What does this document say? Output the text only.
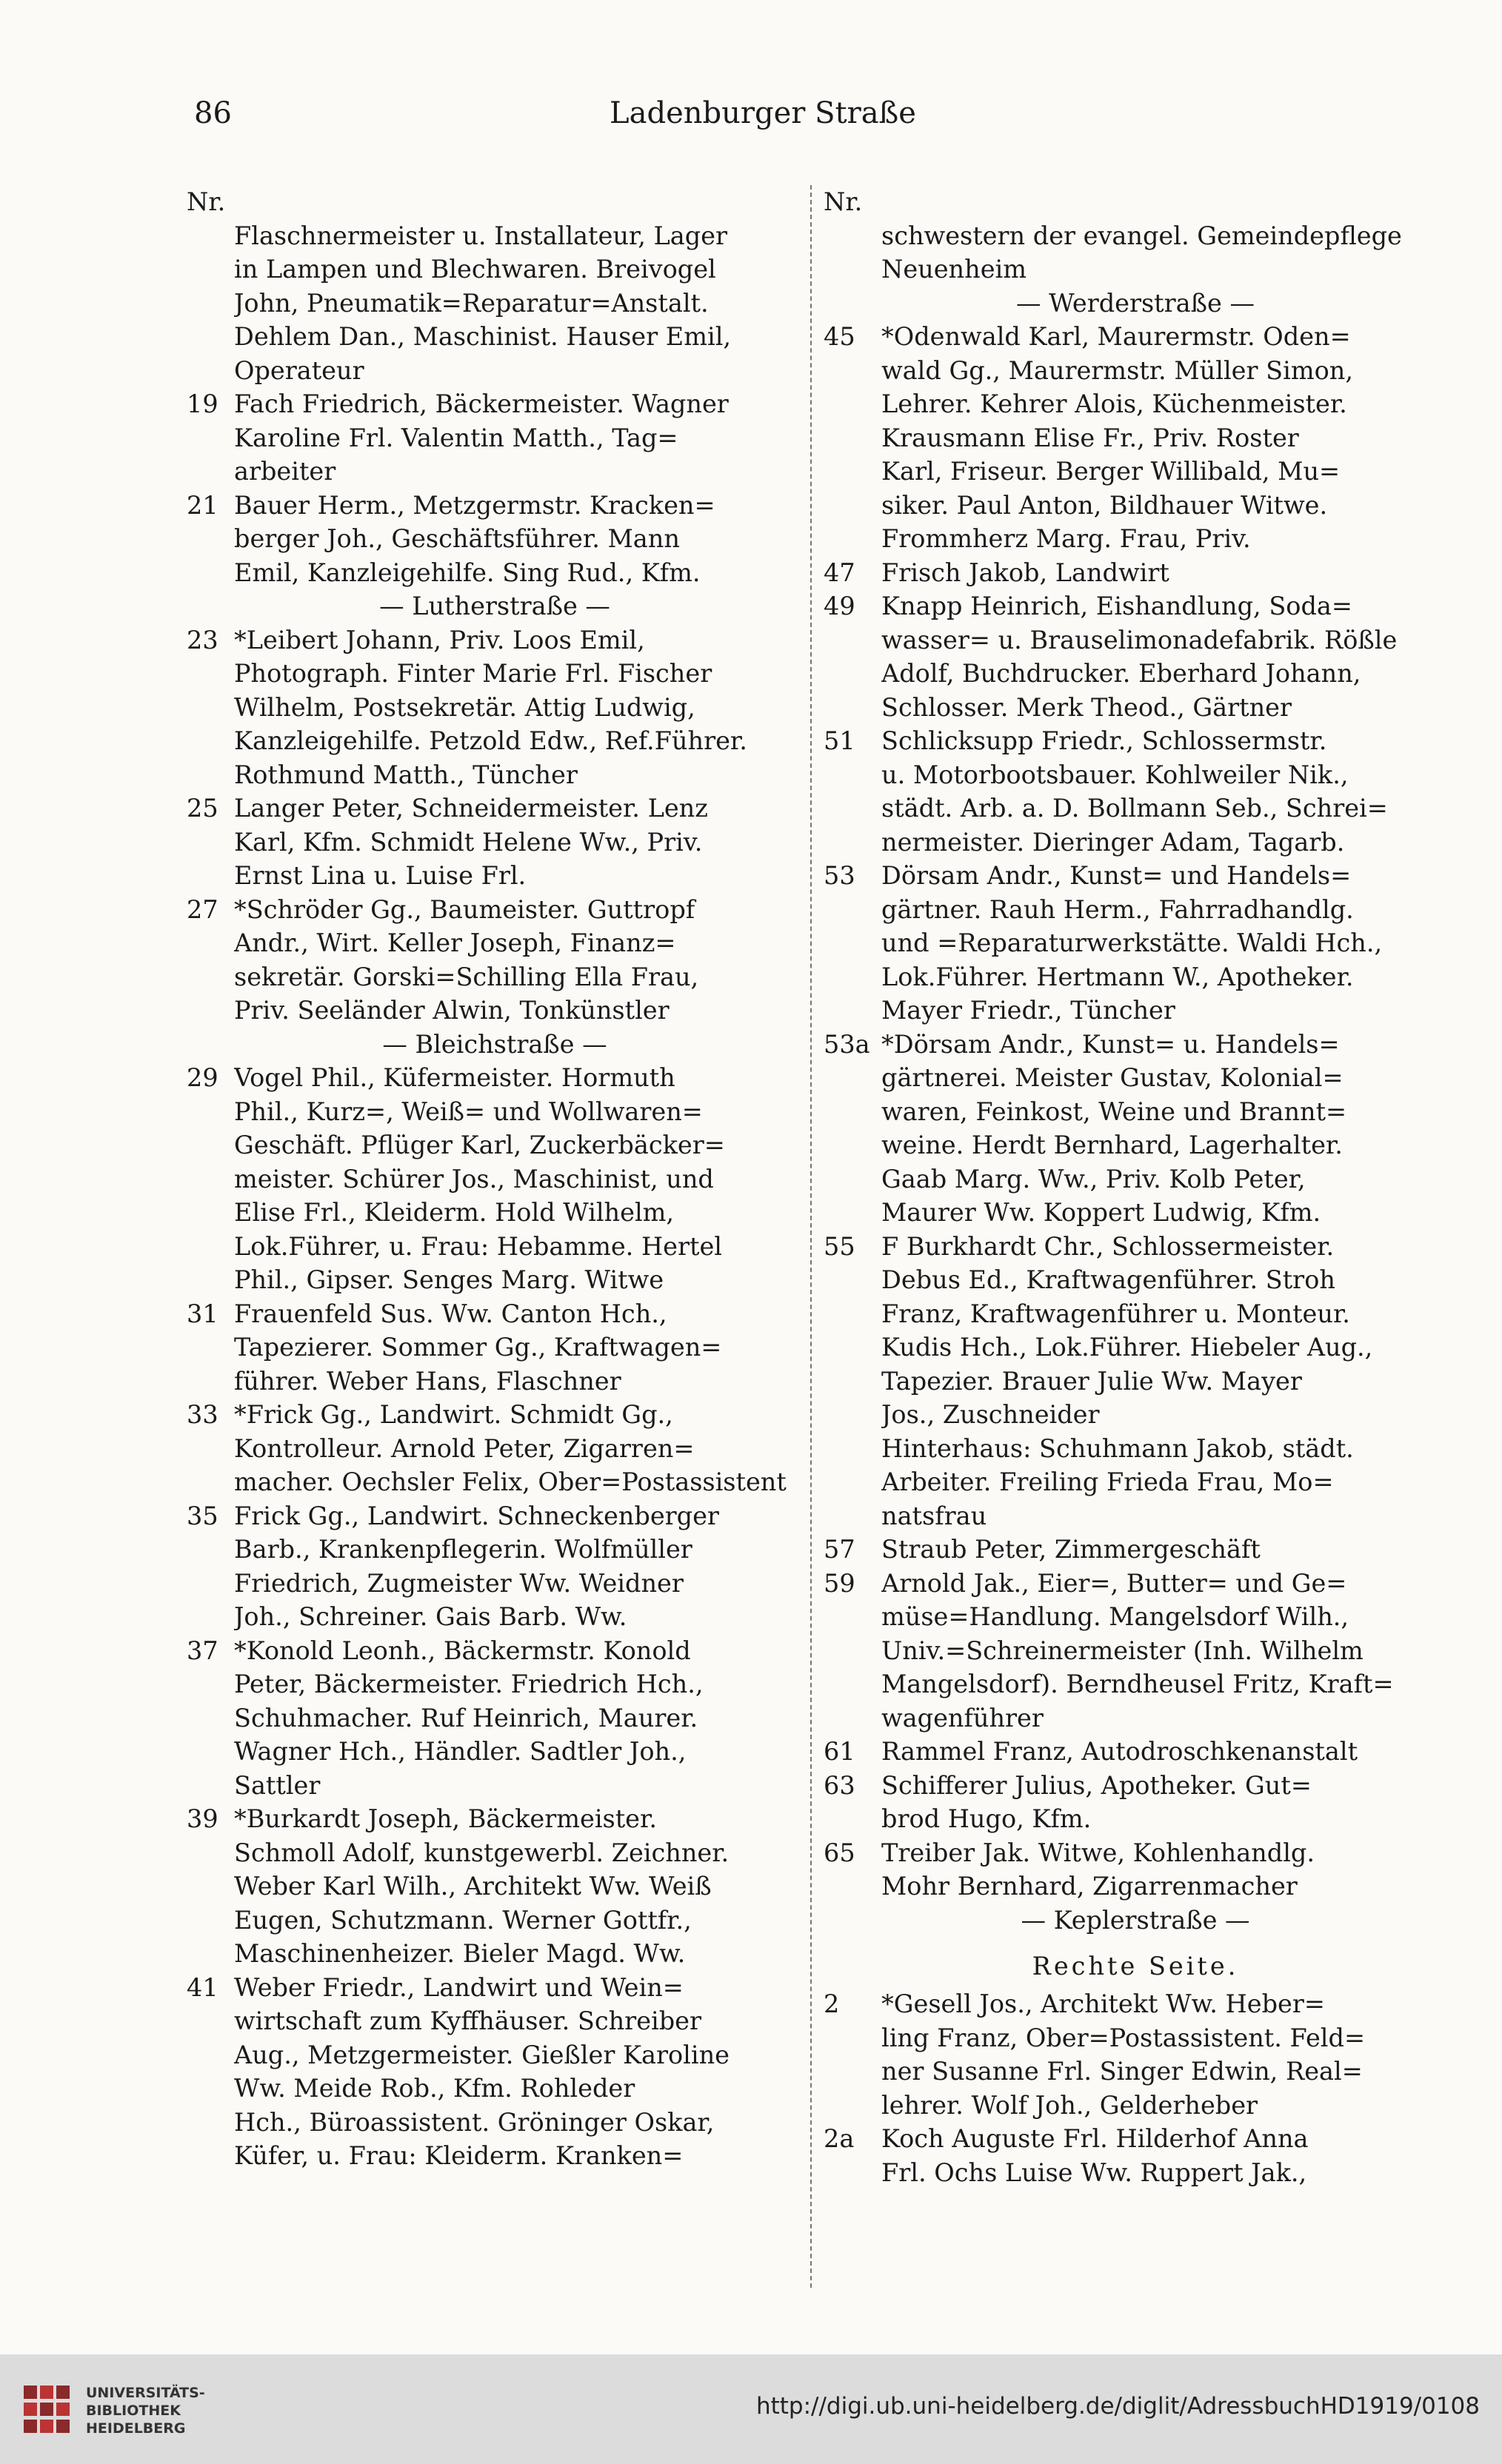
86	Ladenburger Straße
Nr.
Flaschnermeister u. Installateur, Lager
in Lampen und Blechwaren. Breivogel
John, Pneumatik=Reparatur=Anstalt.
Dehlem Dan., Maschinist. Hauser Emil,
Operateur
19 Fach Friedrich, Bäckermeister. Wagner
Karoline Frl. Valentin Matth., Tag=
arbeiter
21 Bauer Herm., Metzgermstr. Kracken=
berger Joh., Geschäftsführer. Mann
Emil, Kanzleigehilfe. Sing Rud., Kfm.
— Lutherstraße —
23 *Leibert Johann, Priv. Loos Emil,
Photograph. Finter Marie Frl. Fischer
Wilhelm, Postsekretär. Attig Ludwig,
Kanzleigehilfe. Petzold Edw., Ref.Führer.
Rothmund Matth., Tüncher
25 Langer Peter, Schneidermeister. Lenz
Karl, Kfm. Schmidt Helene Ww., Priv.
Ernst Lina u. Luise Frl.
27 *Schröder Gg., Baumeister. Guttropf
Andr., Wirt. Keller Joseph, Finanz=
sekretär. Gorski=Schilling Ella Frau,
Priv. Seeländer Alwin, Tonkünstler
— Bleichstraße —
29 Vogel Phil., Küfermeister. Hormuth
Phil., Kurz=, Weiß= und Wollwaren=
Geschäft. Pflüger Karl, Zuckerbäcker=
meister. Schürer Jos., Maschinist, und
Elise Frl., Kleiderm. Hold Wilhelm,
Lok.Führer, u. Frau: Hebamme. Hertel
Phil., Gipser. Senges Marg. Witwe
31 Frauenfeld Sus. Ww. Canton Hch.,
Tapezierer. Sommer Gg., Kraftwagen=
führer. Weber Hans, Flaschner
33 *Frick Gg., Landwirt. Schmidt Gg.,
Kontrolleur. Arnold Peter, Zigarren=
macher. Oechsler Felix, Ober=Postassistent
35 Frick Gg., Landwirt. Schneckenberger
Barb., Krankenpflegerin. Wolfmüller
Friedrich, Zugmeister Ww. Weidner
Joh., Schreiner. Gais Barb. Ww.
37 *Konold Leonh., Bäckermstr. Konold
Peter, Bäckermeister. Friedrich Hch.,
Schuhmacher. Ruf Heinrich, Maurer.
Wagner Hch., Händler. Sadtler Joh.,
Sattler
39 *Burkardt Joseph, Bäckermeister.
Schmoll Adolf, kunstgewerbl. Zeichner.
Weber Karl Wilh., Architekt Ww. Weiß
Eugen, Schutzmann. Werner Gottfr.,
Maschinenheizer. Bieler Magd. Ww.
41 Weber Friedr., Landwirt und Wein=
wirtschaft zum Kyffhäuser. Schreiber
Aug., Metzgermeister. Gießler Karoline
Ww. Meide Rob., Kfm. Rohleder
Hch., Büroassistent. Gröninger Oskar,
Küfer, u. Frau: Kleiderm. Kranken=
Nr.
schwestern der evangel. Gemeindepflege
Neuenheim
— Werderstraße —
45	*Odenwald Karl, Maurermstr. Oden=
wald Gg., Maurermstr. Müller Simon,
Lehrer. Kehrer Alois, Küchenmeister.
Krausmann Elise Fr., Priv. Roster
Karl, Friseur. Berger Willibald, Mu=
siker. Paul Anton, Bildhauer Witwe.
Frommherz Marg. Frau, Priv.
47	Frisch Jakob, Landwirt
49	Knapp Heinrich, Eishandlung, Soda=
wasser= u. Brauselimonadefabrik. Rößle
Adolf, Buchdrucker. Eberhard Johann,
Schlosser. Merk Theod., Gärtner
51	Schlicksupp Friedr., Schlossermstr.
u. Motorbootsbauer. Kohlweiler Nik.,
städt. Arb. a. D. Bollmann Seb., Schrei=
nermeister. Dieringer Adam, Tagarb.
53	Dörsam Andr., Kunst= und Handels=
gärtner. Rauh Herm., Fahrradhandlg.
und =Reparaturwerkstätte. Waldi Hch.,
Lok.Führer. Hertmann W., Apotheker.
Mayer Friedr., Tüncher
53a *Dörsam Andr., Kunst= u. Handels=
gärtnerei. Meister Gustav, Kolonial=
waren, Feinkost, Weine und Brannt=
weine. Herdt Bernhard, Lagerhalter.
Gaab Marg. Ww., Priv. Kolb Peter,
Maurer Ww. Koppert Ludwig, Kfm.
55	F Burkhardt Chr., Schlossermeister.
Debus Ed., Kraftwagenführer. Stroh
Franz, Kraftwagenführer u. Monteur.
Kudis Hch., Lok.Führer. Hiebeler Aug.,
Tapezier. Brauer Julie Ww. Mayer
Jos., Zuschneider
Hinterhaus: Schuhmann Jakob, städt.
Arbeiter. Freiling Frieda Frau, Mo=
natsfrau
57	Straub Peter, Zimmergeschäft
59	Arnold Jak., Eier=, Butter= und Ge=
müse=Handlung. Mangelsdorf Wilh.,
Univ.=Schreinermeister (Inh. Wilhelm
Mangelsdorf). Berndheusel Fritz, Kraft=
wagenführer
61	Rammel Franz, Autodroschkenanstalt
63	Schifferer Julius, Apotheker. Gut=
brod Hugo, Kfm.
65	Treiber Jak. Witwe, Kohlenhandlg.
Mohr Bernhard, Zigarrenmacher
— Keplerstraße —
Rechte Seite.
2	*Gesell Jos., Architekt Ww. Heber=
ling Franz, Ober=Postassistent. Feld=
ner Susanne Frl. Singer Edwin, Real=
lehrer. Wolf Joh., Gelderheber
2a	Koch Auguste Frl. Hilderhof Anna
Frl. Ochs Luise Ww. Ruppert Jak.,
UNIVERSITÄTS-
BIBLIOTHEK
HEIDELBERG
http://digi.ub.uni-heidelberg.de/diglit/AdressbuchHD1919/0108
